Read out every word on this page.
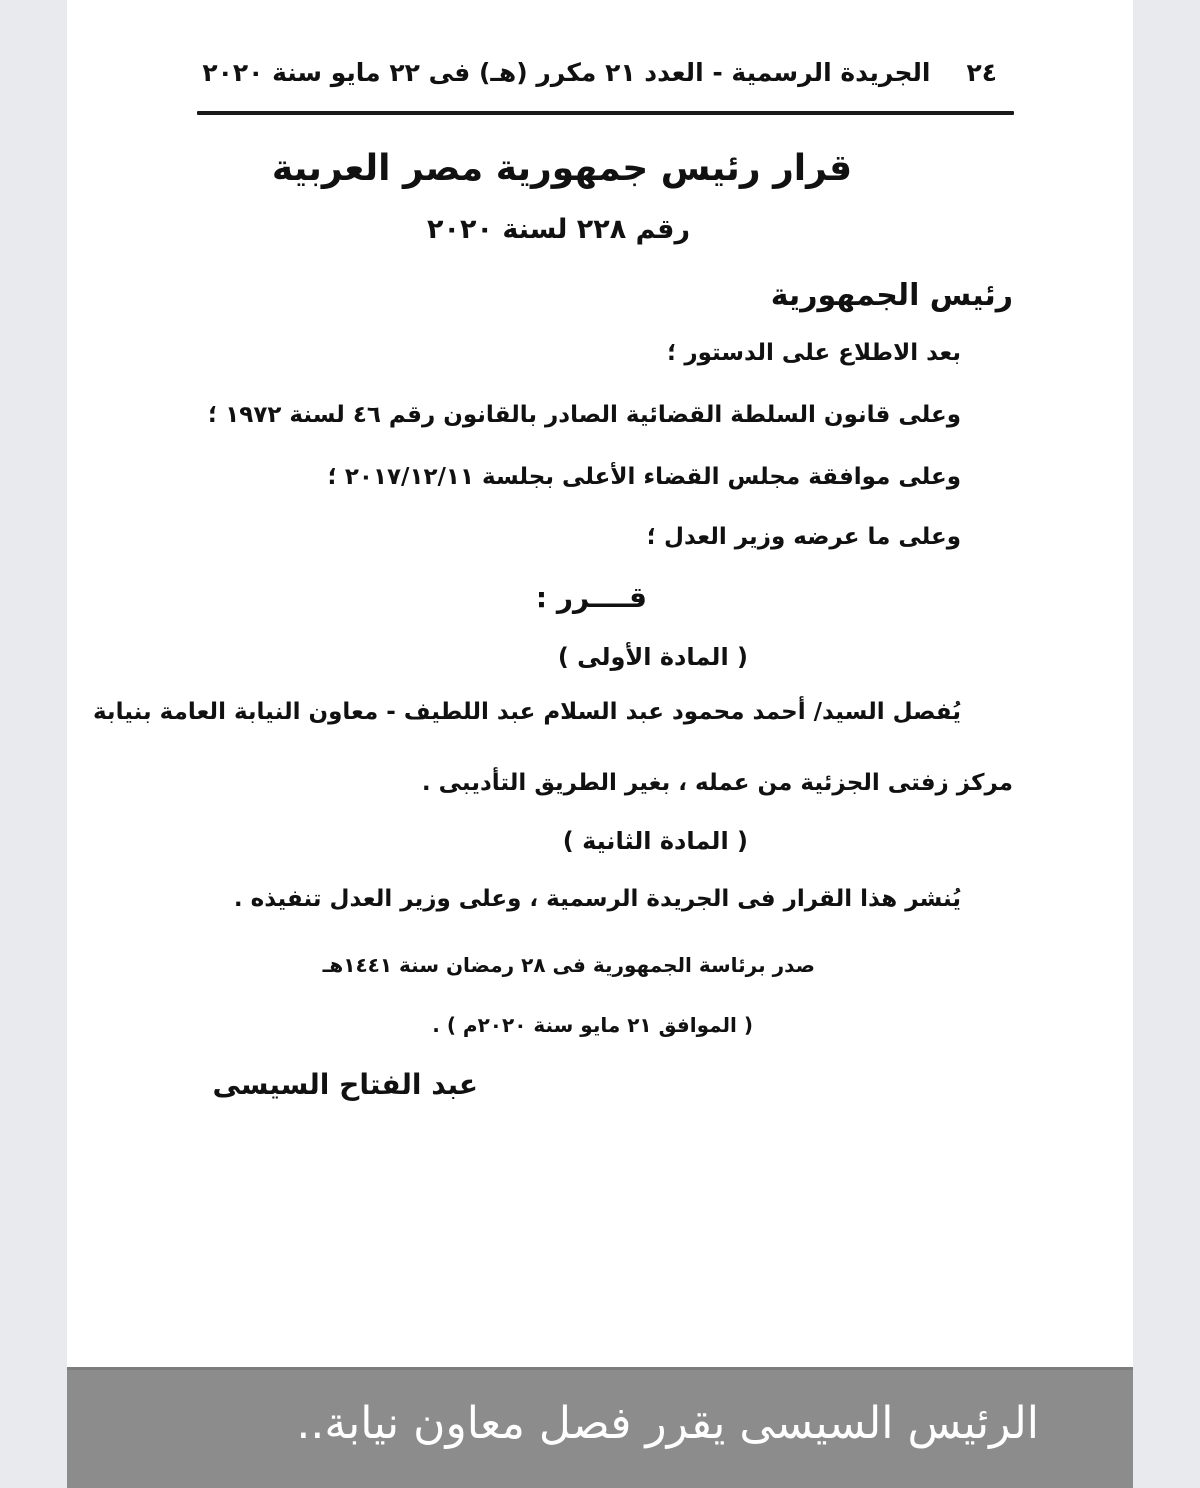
٢٤الجريدة الرسمية - العدد ٢١ مكرر (هـ) فى ٢٢ مايو سنة ٢٠٢٠
قرار رئيس جمهورية مصر العربية
رقم ٢٢٨ لسنة ٢٠٢٠
رئيس الجمهورية
بعد الاطلاع على الدستور ؛
وعلى قانون السلطة القضائية الصادر بالقانون رقم ٤٦ لسنة ١٩٧٢ ؛
وعلى موافقة مجلس القضاء الأعلى بجلسة ٢٠١٧/١٢/١١ ؛
وعلى ما عرضه وزير العدل ؛
قــــرر :
( المادة الأولى )
يُفصل السيد/ أحمد محمود عبد السلام عبد اللطيف - معاون النيابة العامة بنيابة
مركز زفتى الجزئية من عمله ، بغير الطريق التأديبى .
( المادة الثانية )
يُنشر هذا القرار فى الجريدة الرسمية ، وعلى وزير العدل تنفيذه .
صدر برئاسة الجمهورية فى ٢٨ رمضان سنة ١٤٤١هـ
( الموافق ٢١ مايو سنة ٢٠٢٠م ) .
عبد الفتاح السيسى
الرئيس السيسى يقرر فصل معاون نيابة..
